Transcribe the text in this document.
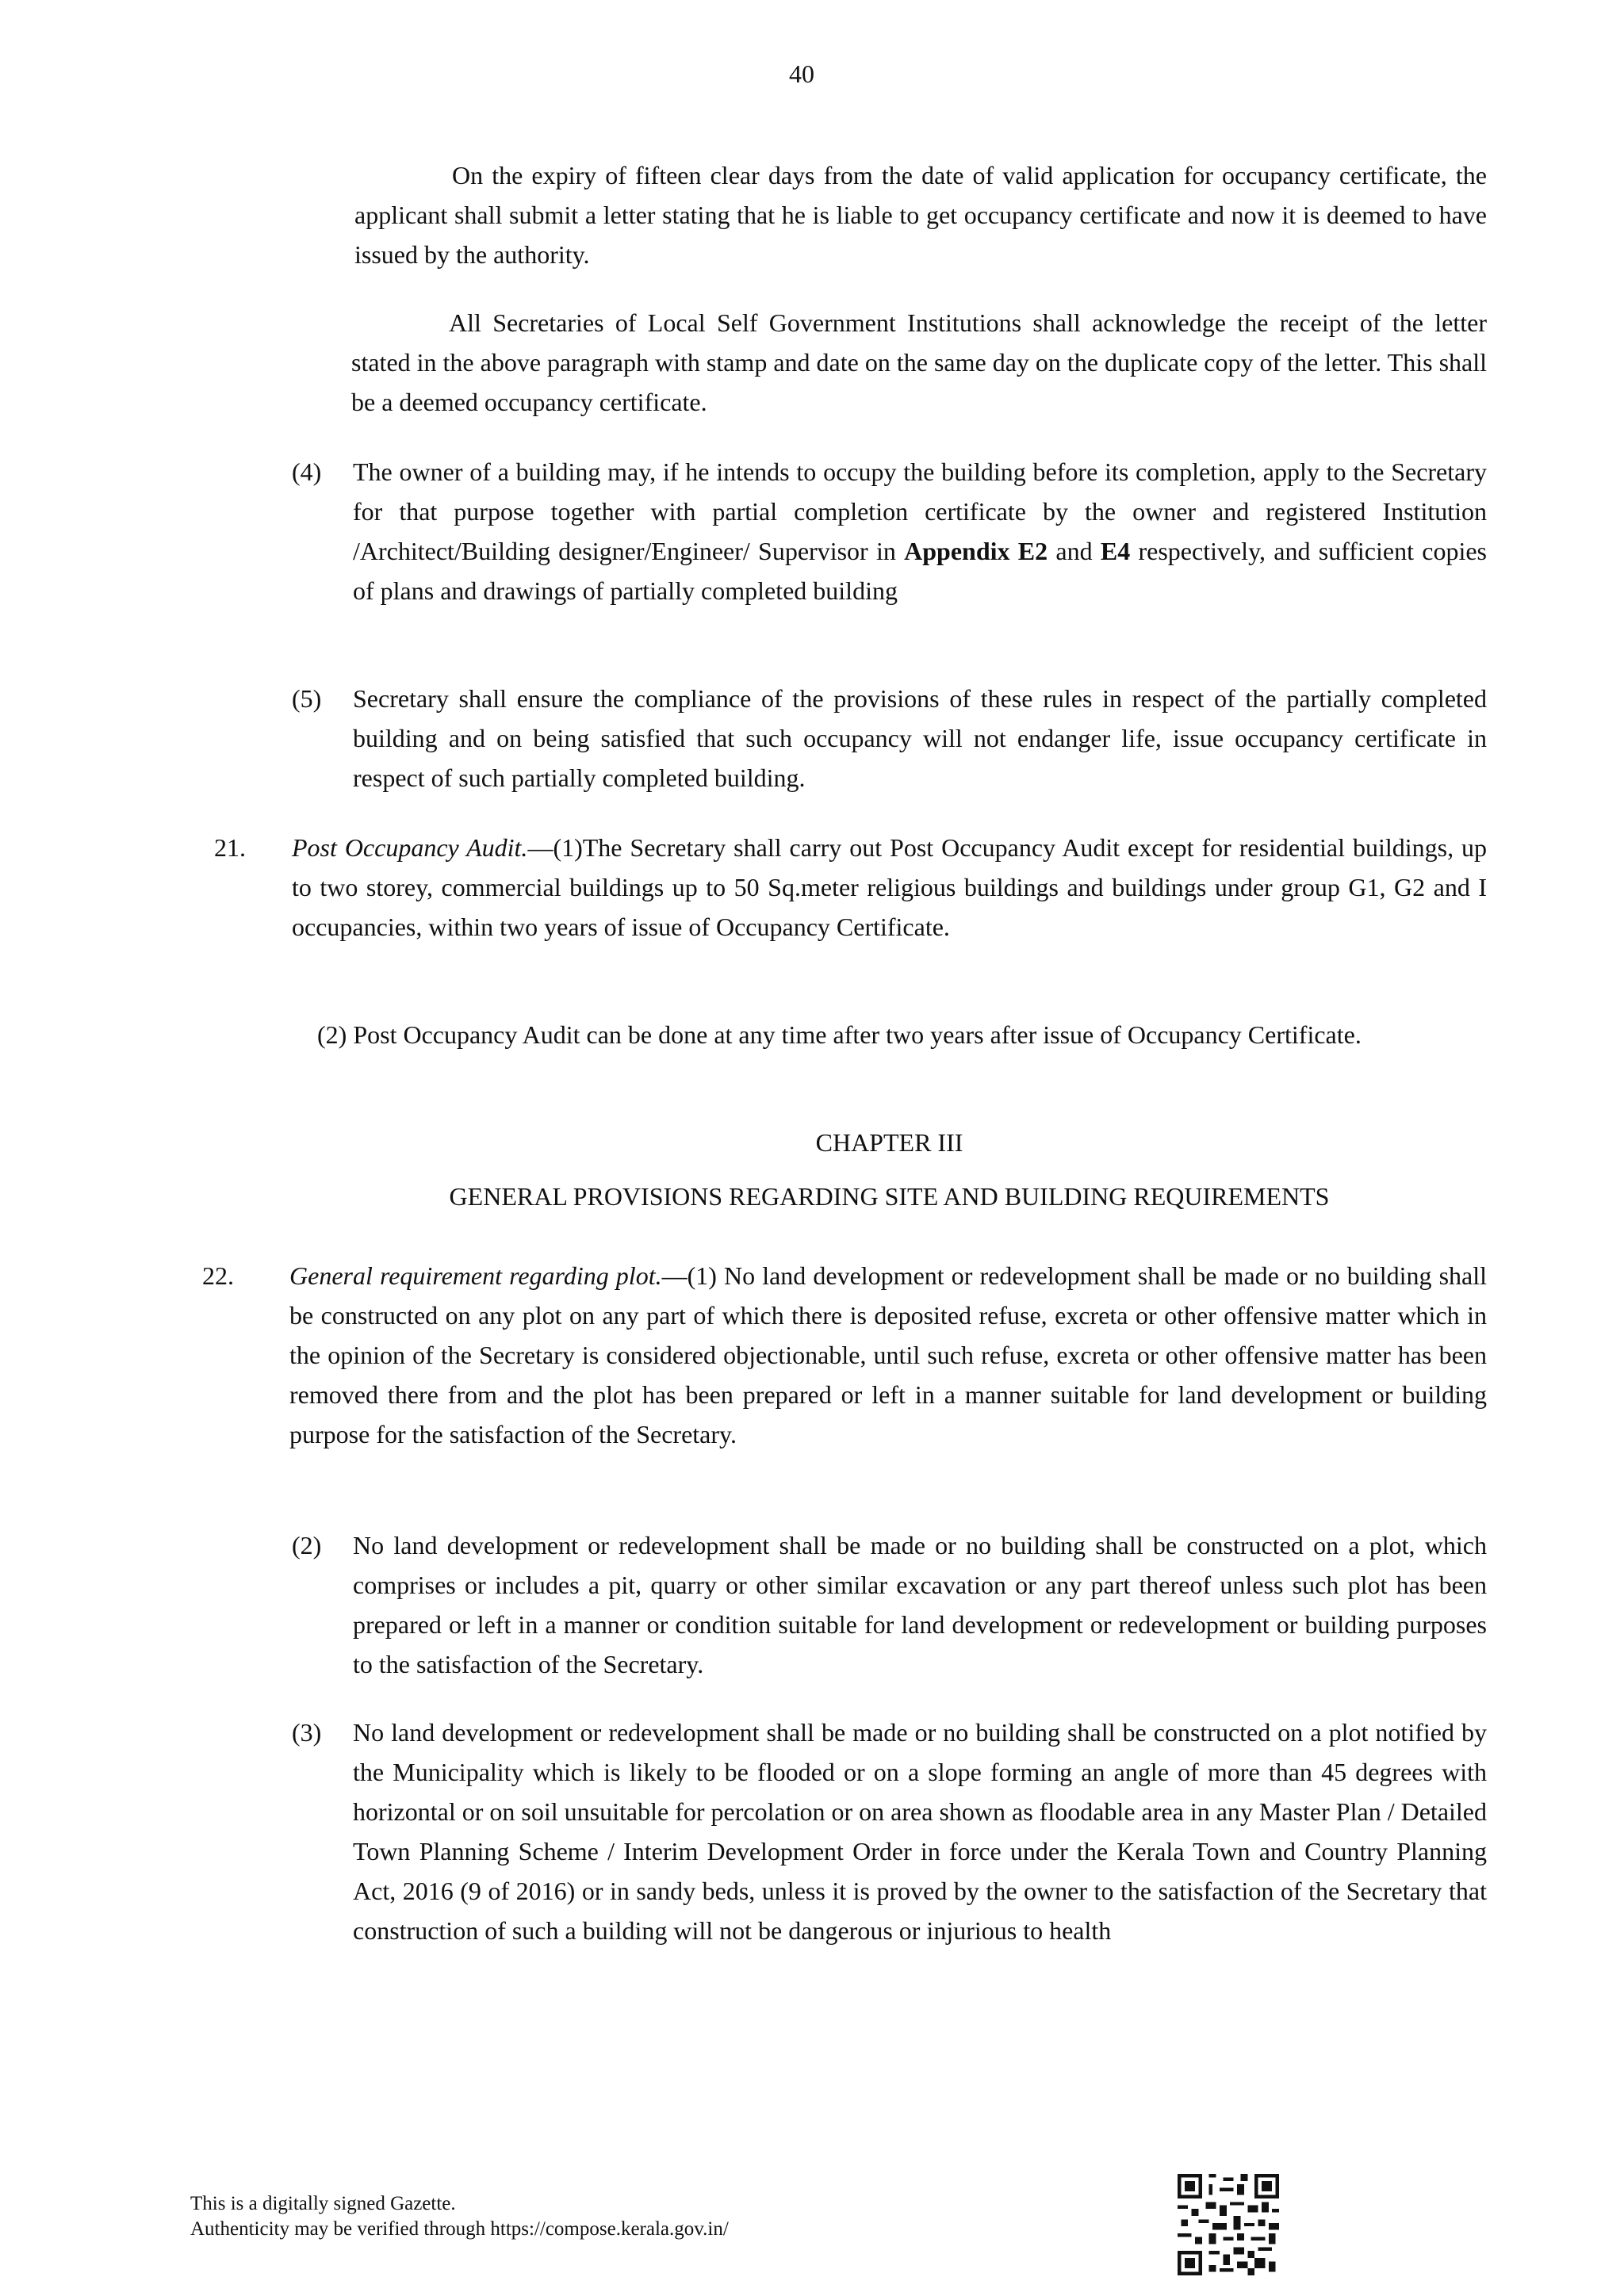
40

On the expiry of fifteen clear days from the date of valid application for occupancy certificate, the applicant shall submit a letter stating that he is liable to get occupancy certificate and now it is deemed to have issued by the authority.

All Secretaries of Local Self Government Institutions shall acknowledge the receipt of the letter stated in the above paragraph with stamp and date on the same day on the duplicate copy of the letter. This shall be a deemed occupancy certificate.

(4) The owner of a building may, if he intends to occupy the building before its completion, apply to the Secretary for that purpose together with partial completion certificate by the owner and registered Institution /Architect/Building designer/Engineer/ Supervisor in Appendix E2 and E4 respectively, and sufficient copies of plans and drawings of partially completed building
(5) Secretary shall ensure the compliance of the provisions of these rules in respect of the partially completed building and on being satisfied that such occupancy will not endanger life, issue occupancy certificate in respect of such partially completed building.
21. Post Occupancy Audit.—(1)The Secretary shall carry out Post Occupancy Audit except for residential buildings, up to two storey, commercial buildings up to 50 Sq.meter religious buildings and buildings under group G1, G2 and I occupancies, within two years of issue of Occupancy Certificate.
(2) Post Occupancy Audit can be done at any time after two years after issue of Occupancy Certificate.
CHAPTER III
GENERAL PROVISIONS REGARDING SITE AND BUILDING REQUIREMENTS
22. General requirement regarding plot.—(1) No land development or redevelopment shall be made or no building shall be constructed on any plot on any part of which there is deposited refuse, excreta or other offensive matter which in the opinion of the Secretary is considered objectionable, until such refuse, excreta or other offensive matter has been removed there from and the plot has been prepared or left in a manner suitable for land development or building purpose for the satisfaction of the Secretary.
(2) No land development or redevelopment shall be made or no building shall be constructed on a plot, which comprises or includes a pit, quarry or other similar excavation or any part thereof unless such plot has been prepared or left in a manner or condition suitable for land development or redevelopment or building purposes to the satisfaction of the Secretary.
(3) No land development or redevelopment shall be made or no building shall be constructed on a plot notified by the Municipality which is likely to be flooded or on a slope forming an angle of more than 45 degrees with horizontal or on soil unsuitable for percolation or on area shown as floodable area in any Master Plan / Detailed Town Planning Scheme / Interim Development Order in force under the Kerala Town and Country Planning Act, 2016 (9 of 2016) or in sandy beds, unless it is proved by the owner to the satisfaction of the Secretary that construction of such a building will not be dangerous or injurious to health
This is a digitally signed Gazette.
Authenticity may be verified through https://compose.kerala.gov.in/
